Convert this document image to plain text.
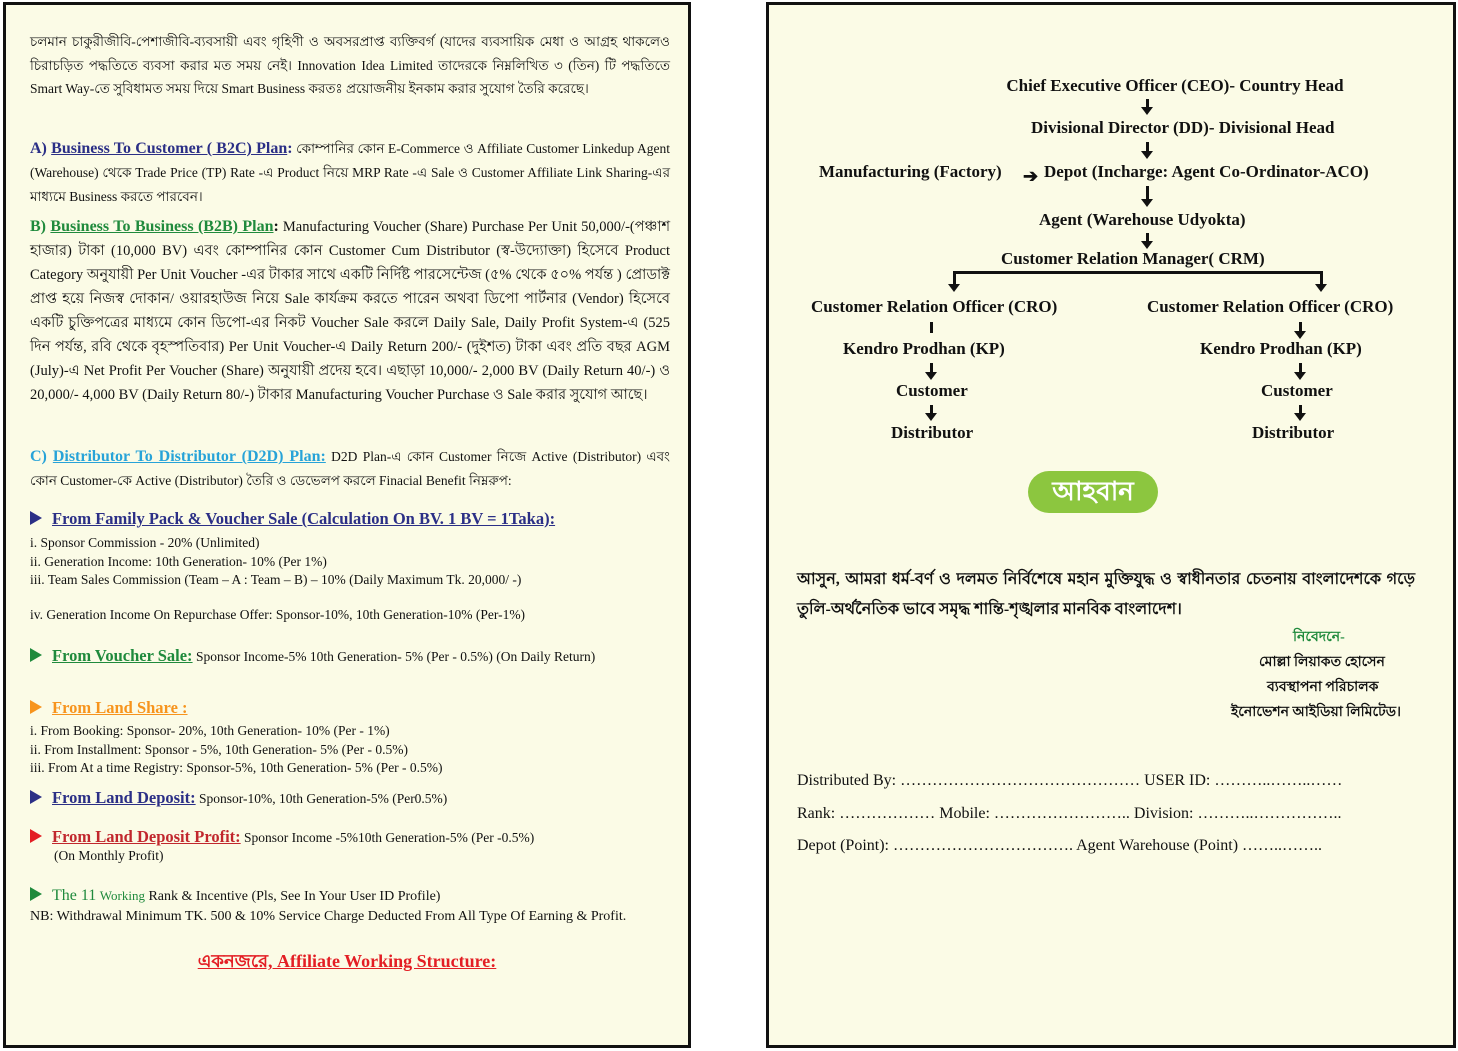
চলমান চাকুরীজীবি-পেশাজীবি-ব্যবসায়ী এবং গৃহিণী ও অবসরপ্রাপ্ত ব্যক্তিবর্গ (যাদের ব্যবসায়িক মেধা ও আগ্রহ থাকলেও চিরাচড়িত পদ্ধতিতে ব্যবসা করার মত সময় নেই। Innovation Idea Limited তাদেরকে নিম্নলিখিত ৩ (তিন) টি পদ্ধতিতে Smart Way-তে সুবিধামত সময় দিয়ে Smart Business করতঃ প্রয়োজনীয় ইনকাম করার সুযোগ তৈরি করেছে।

A) Business To Customer ( B2C) Plan: কোম্পানির কোন E-Commerce ও Affiliate Customer Linkedup Agent (Warehouse) থেকে Trade Price (TP) Rate -এ Product নিয়ে MRP Rate -এ Sale ও Customer Affiliate Link Sharing-এর মাধ্যমে Business করতে পারবেন।

B) Business To Business (B2B) Plan: Manufacturing Voucher (Share) Purchase Per Unit 50,000/-(পঞ্চাশ হাজার) টাকা (10,000 BV) এবং কোম্পানির কোন Customer Cum Distributor (স্ব-উদ্যোক্তা) হিসেবে Product Category অনুযায়ী Per Unit Voucher -এর টাকার সাথে একটি নির্দিষ্ট পারসেন্টেজ (৫% থেকে ৫০% পর্যন্ত ) প্রোডাক্ট প্রাপ্ত হয়ে নিজস্ব দোকান/ ওয়ারহাউজ নিয়ে Sale কার্যক্রম করতে পারেন অথবা ডিপো পার্টনার (Vendor) হিসেবে একটি চুক্তিপত্রের মাধ্যমে কোন ডিপো-এর নিকট Voucher Sale করলে Daily Sale, Daily Profit System-এ (525 দিন পর্যন্ত, রবি থেকে বৃহস্পতিবার) Per Unit Voucher-এ Daily Return 200/- (দুইশত) টাকা এবং প্রতি বছর AGM (July)-এ Net Profit Per Voucher (Share) অনুযায়ী প্রদেয় হবে। এছাড়া 10,000/- 2,000 BV (Daily Return 40/-) ও 20,000/- 4,000 BV (Daily Return 80/-) টাকার Manufacturing Voucher Purchase ও Sale করার সুযোগ আছে।

C) Distributor To Distributor (D2D) Plan: D2D Plan-এ কোন Customer নিজে Active (Distributor) এবং কোন Customer-কে Active (Distributor) তৈরি ও ডেভেলপ করলে Finacial Benefit নিম্নরুপ:

From Family Pack & Voucher Sale (Calculation On BV. 1 BV = 1Taka):
i. Sponsor Commission - 20% (Unlimited)
ii. Generation Income: 10th Generation- 10% (Per 1%)
iii. Team Sales Commission (Team – A : Team – B) – 10% (Daily Maximum Tk. 20,000/ -)
iv. Generation Income On Repurchase Offer: Sponsor-10%, 10th Generation-10% (Per-1%)
From Voucher Sale: Sponsor Income-5% 10th Generation- 5% (Per - 0.5%) (On Daily Return)
From Land Share :
i. From Booking: Sponsor- 20%, 10th Generation- 10% (Per - 1%)
ii. From Installment: Sponsor - 5%, 10th Generation- 5% (Per - 0.5%)
iii. From At a time Registry: Sponsor-5%, 10th Generation- 5% (Per - 0.5%)
From Land Deposit: Sponsor-10%, 10th Generation-5% (Per0.5%)
From Land Deposit Profit: Sponsor Income -5%10th Generation-5% (Per -0.5%)
(On Monthly Profit)
The 11 Working Rank & Incentive (Pls, See In Your User ID Profile)
NB: Withdrawal Minimum TK. 500 & 10% Service Charge Deducted From All Type Of Earning & Profit.
একনজরে, Affiliate Working Structure:
Chief Executive Officer (CEO)- Country Head
Divisional Director (DD)- Divisional Head
Manufacturing (Factory) ➔ Depot (Incharge: Agent Co-Ordinator-ACO)
Agent (Warehouse Udyokta)
Customer Relation Manager( CRM)
Customer Relation Officer (CRO)
Kendro Prodhan (KP)
Customer
Distributor
Customer Relation Officer (CRO)
Kendro Prodhan (KP)
Customer
Distributor
আহবান

আসুন, আমরা ধর্ম-বর্ণ ও দলমত নির্বিশেষে মহান মুক্তিযুদ্ধ ও স্বাধীনতার চেতনায় বাংলাদেশকে গড়ে তুলি-অর্থনৈতিক ভাবে সমৃদ্ধ শান্তি-শৃঙ্খলার মানবিক বাংলাদেশ।

নিবেদনে-
মোল্লা লিয়াকত হোসেন
ব্যবস্থাপনা পরিচালক
ইনোভেশন আইডিয়া লিমিটেড।
Distributed By: ……………………………………… USER ID: ………..……..……
Rank: ……………… Mobile: …………………….. Division: ………..……………..
Depot (Point): ……………………………. Agent Warehouse (Point) ……..……..
